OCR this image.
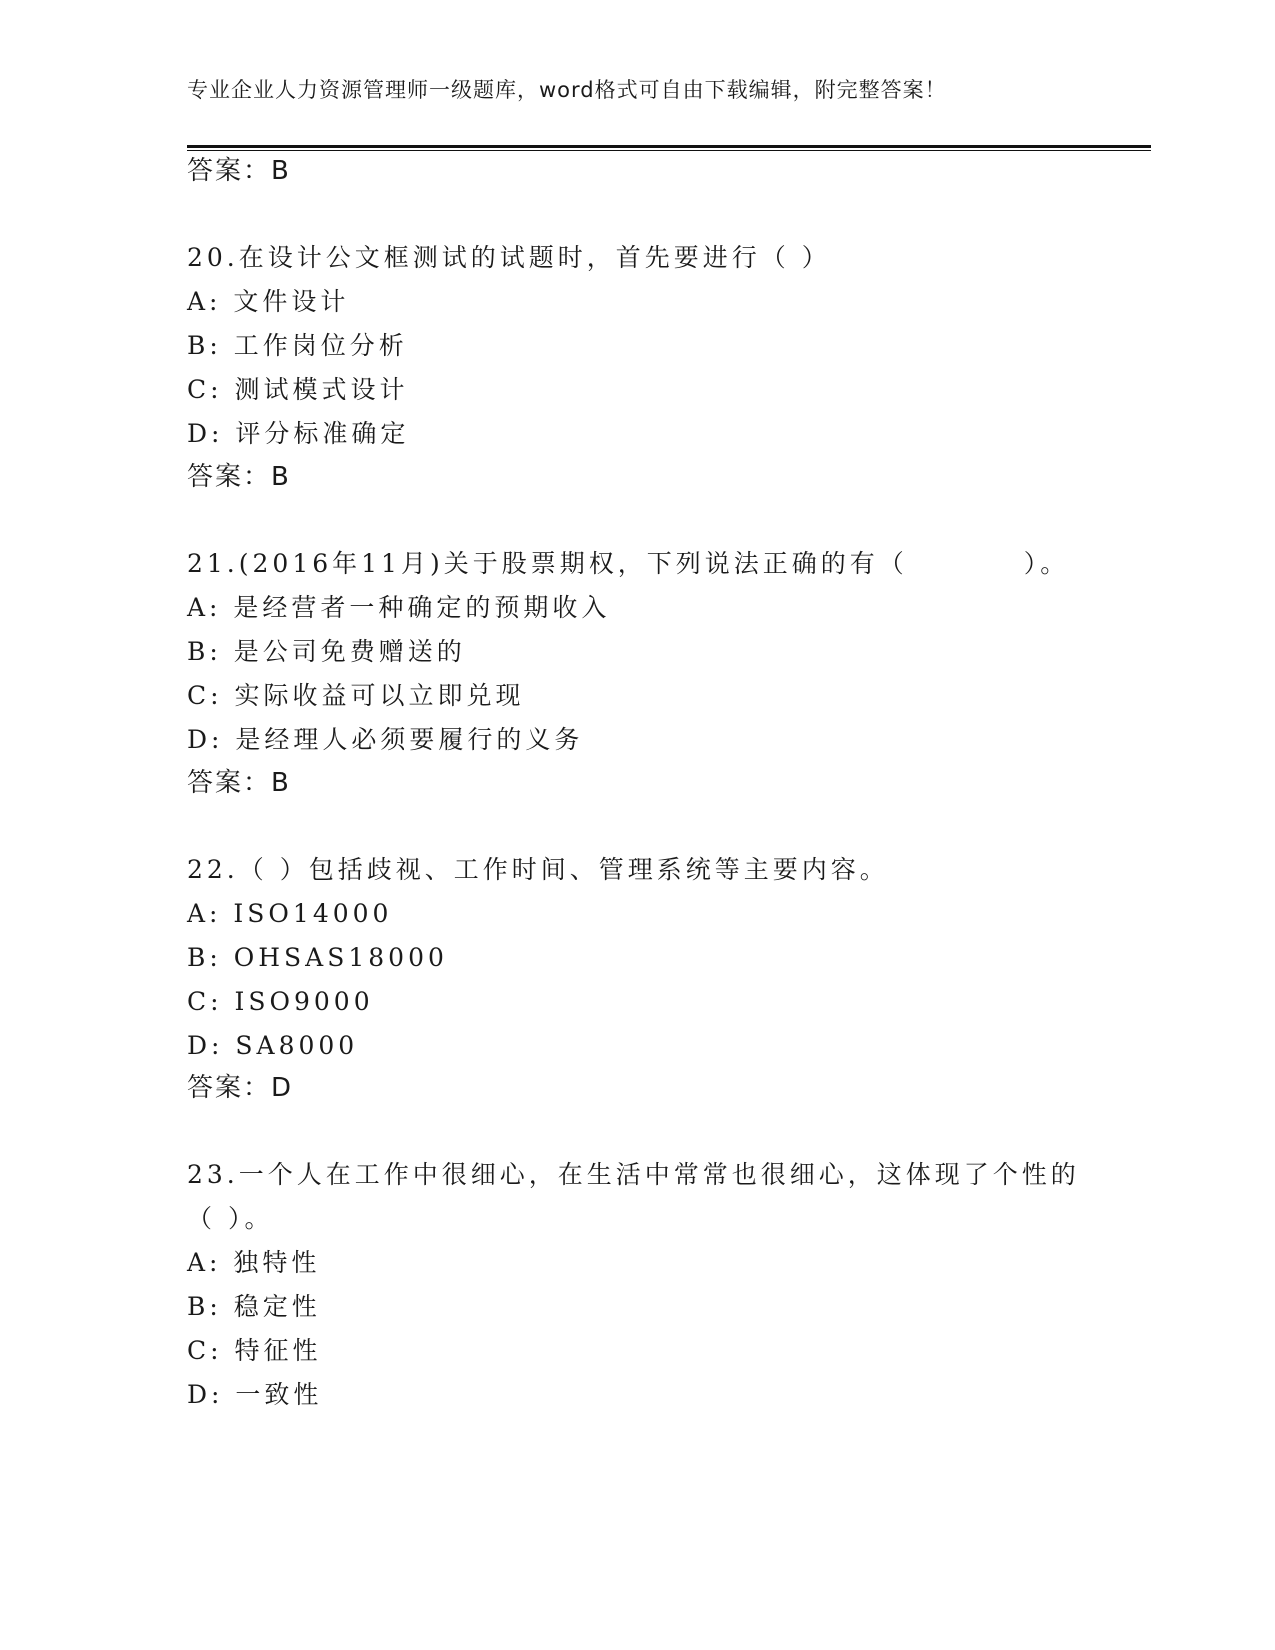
专业企业人力资源管理师一级题库，word格式可自由下载编辑，附完整答案！
答案：B
20.在设计公文框测试的试题时，首先要进行（ ）
A: 文件设计
B: 工作岗位分析
C: 测试模式设计
D: 评分标准确定
答案：B
21.(2016年11月)关于股票期权，下列说法正确的有（　　　　）。
A: 是经营者一种确定的预期收入
B: 是公司免费赠送的
C: 实际收益可以立即兑现
D: 是经理人必须要履行的义务
答案：B
22.（ ）包括歧视、工作时间、管理系统等主要内容。
A: ISO14000
B: OHSAS18000
C: ISO9000
D: SA8000
答案：D
23.一个人在工作中很细心，在生活中常常也很细心，这体现了个性的
（ ）。
A: 独特性
B: 稳定性
C: 特征性
D: 一致性
